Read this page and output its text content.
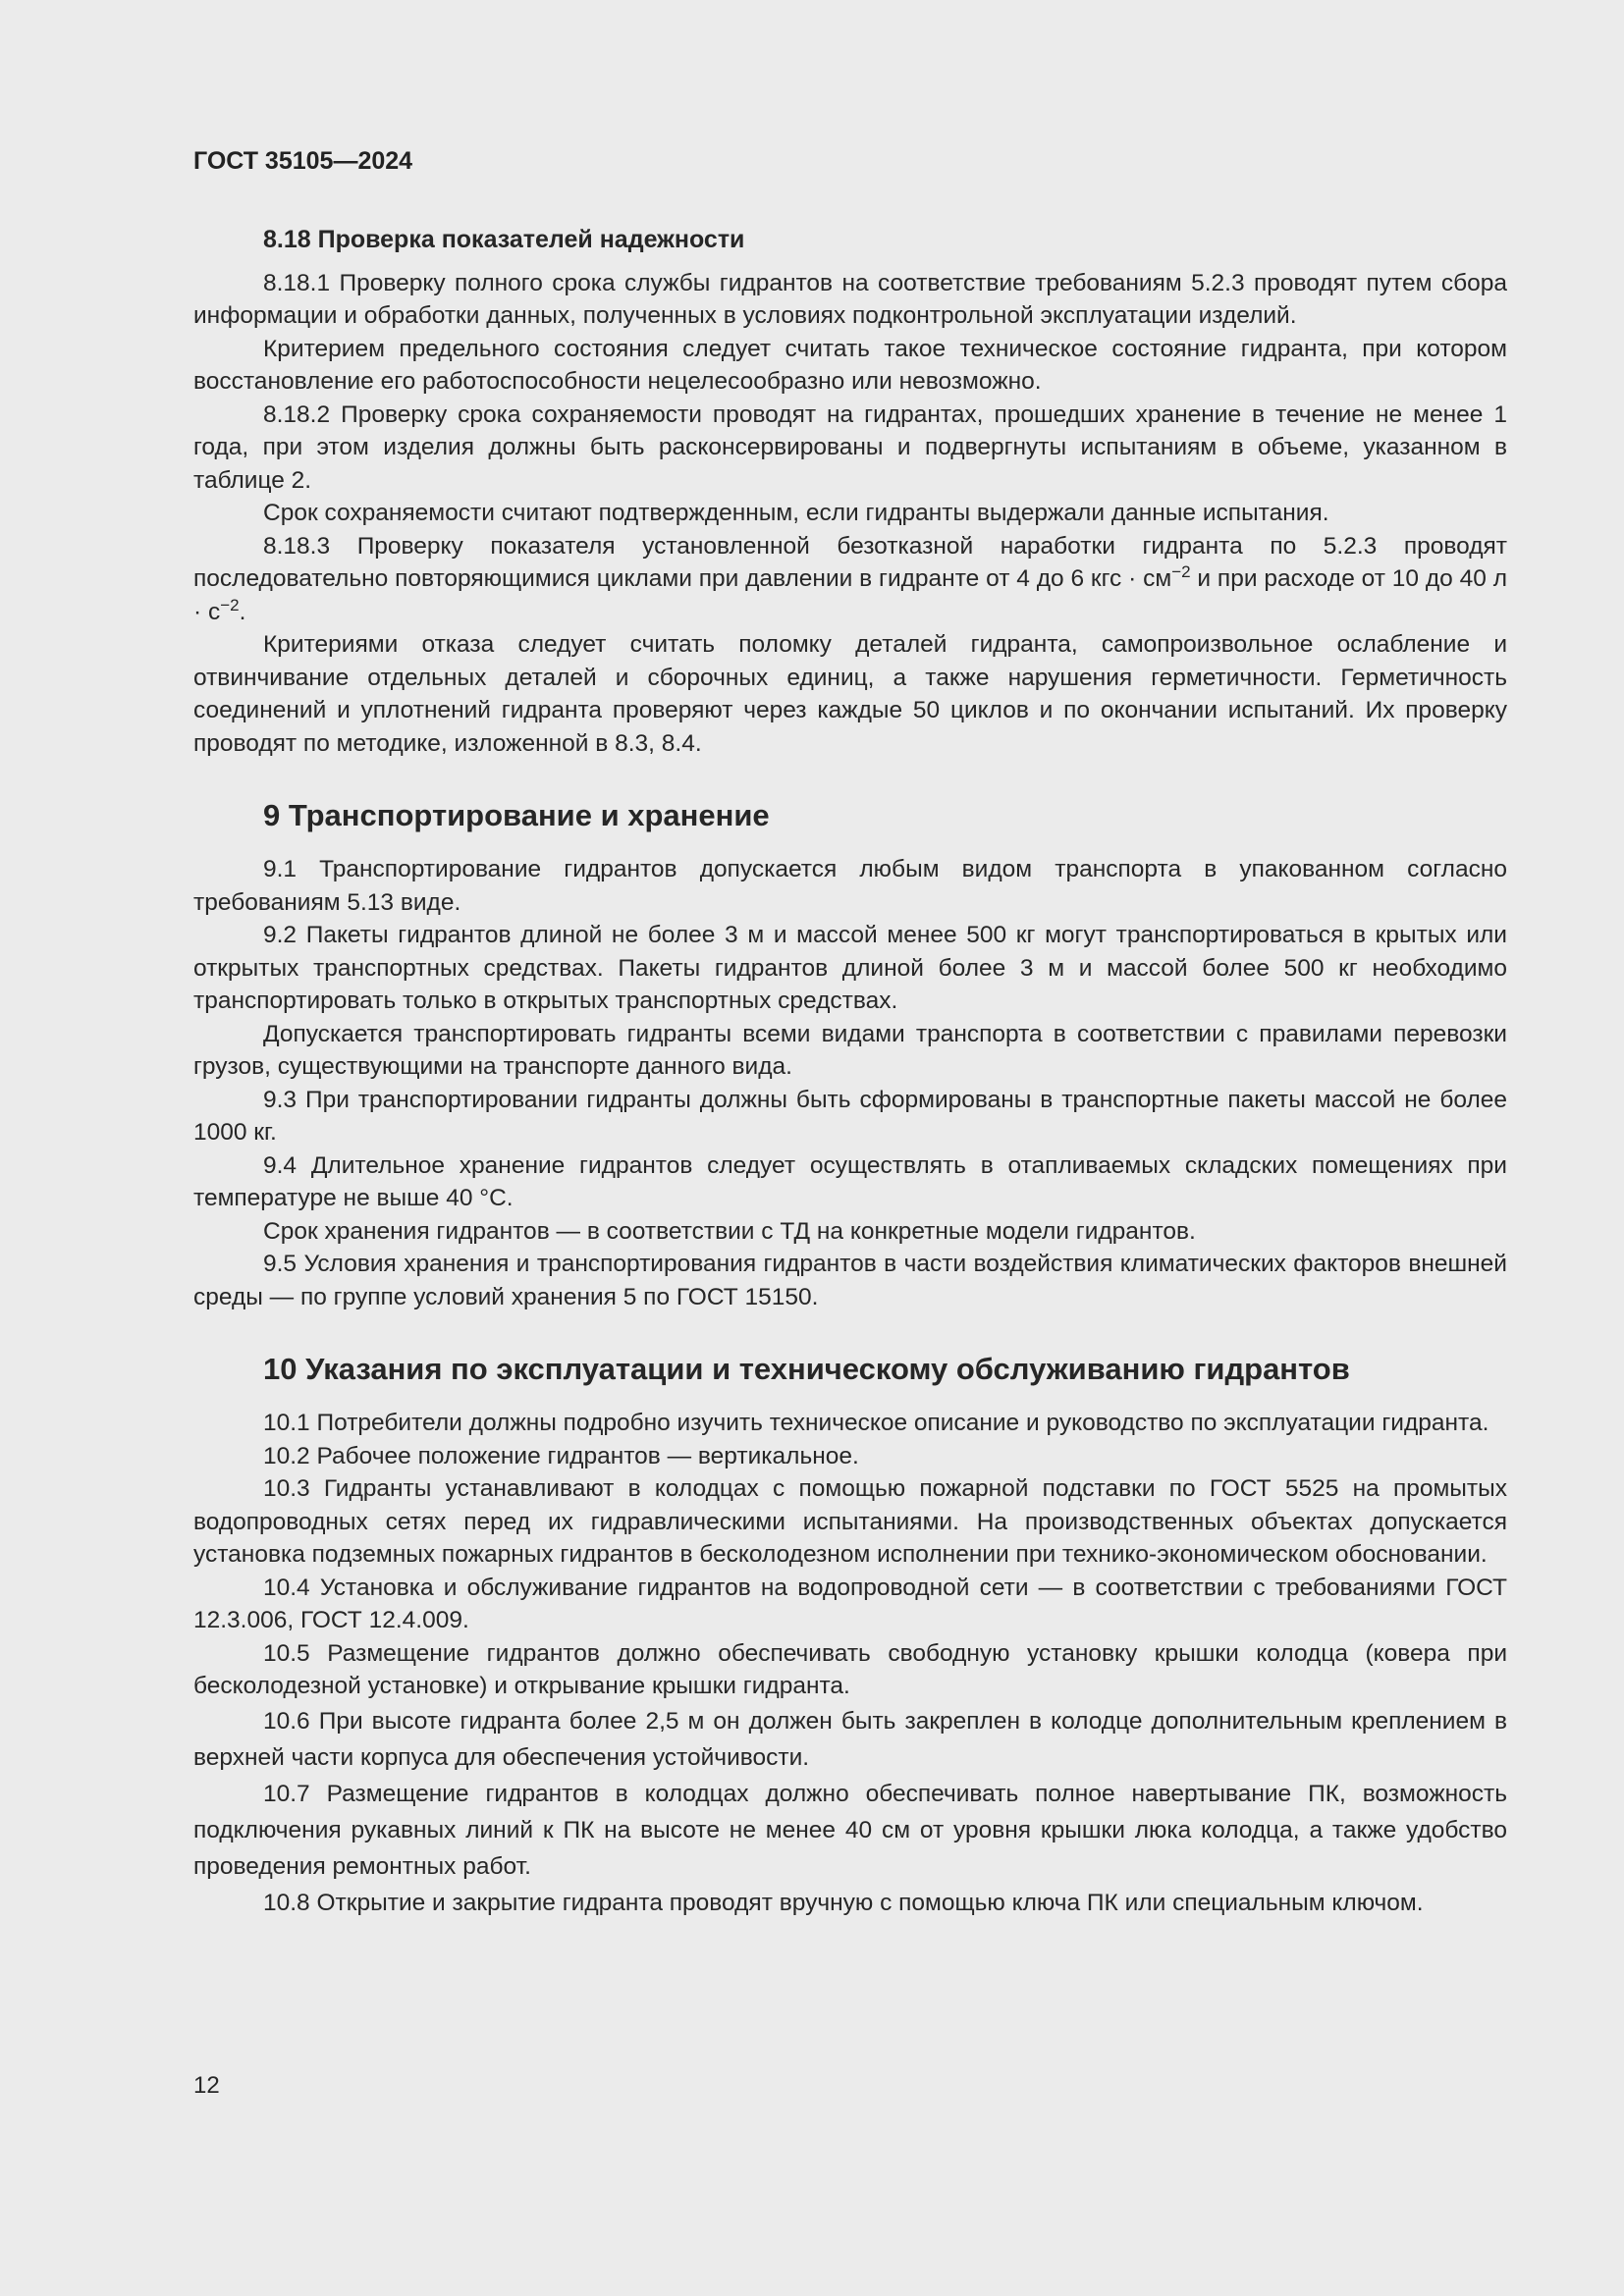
ГОСТ 35105—2024
8.18 Проверка показателей надежности

8.18.1 Проверку полного срока службы гидрантов на соответствие требованиям 5.2.3 проводят путем сбора информации и обработки данных, полученных в условиях подконтрольной эксплуатации изделий.

Критерием предельного состояния следует считать такое техническое состояние гидранта, при котором восстановление его работоспособности нецелесообразно или невозможно.

8.18.2 Проверку срока сохраняемости проводят на гидрантах, прошедших хранение в течение не менее 1 года, при этом изделия должны быть расконсервированы и подвергнуты испытаниям в объеме, указанном в таблице 2.

Срок сохраняемости считают подтвержденным, если гидранты выдержали данные испытания.

8.18.3 Проверку показателя установленной безотказной наработки гидранта по 5.2.3 проводят последовательно повторяющимися циклами при давлении в гидранте от 4 до 6 кгс · $см^{-2}$ и при расходе от 10 до 40 $л \cdot с^{-2}$.

Критериями отказа следует считать поломку деталей гидранта, самопроизвольное ослабление и отвинчивание отдельных деталей и сборочных единиц, а также нарушения герметичности. Герметичность соединений и уплотнений гидранта проверяют через каждые 50 циклов и по окончании испытаний. Их проверку проводят по методике, изложенной в 8.3, 8.4.

9 Транспортирование и хранение

9.1 Транспортирование гидрантов допускается любым видом транспорта в упакованном согласно требованиям 5.13 виде.

9.2 Пакеты гидрантов длиной не более 3 м и массой менее 500 кг могут транспортироваться в крытых или открытых транспортных средствах. Пакеты гидрантов длиной более 3 м и массой более 500 кг необходимо транспортировать только в открытых транспортных средствах.

Допускается транспортировать гидранты всеми видами транспорта в соответствии с правилами перевозки грузов, существующими на транспорте данного вида.

9.3 При транспортировании гидранты должны быть сформированы в транспортные пакеты массой не более 1000 кг.

9.4 Длительное хранение гидрантов следует осуществлять в отапливаемых складских помещениях при температуре не выше 40 °C.

Срок хранения гидрантов — в соответствии с ТД на конкретные модели гидрантов.

9.5 Условия хранения и транспортирования гидрантов в части воздействия климатических факторов внешней среды — по группе условий хранения 5 по ГОСТ 15150.

10 Указания по эксплуатации и техническому обслуживанию гидрантов

10.1 Потребители должны подробно изучить техническое описание и руководство по эксплуатации гидранта.

10.2 Рабочее положение гидрантов — вертикальное.

10.3 Гидранты устанавливают в колодцах с помощью пожарной подставки по ГОСТ 5525 на промытых водопроводных сетях перед их гидравлическими испытаниями. На производственных объектах допускается установка подземных пожарных гидрантов в бесколодезном исполнении при технико-экономическом обосновании.

10.4 Установка и обслуживание гидрантов на водопроводной сети — в соответствии с требованиями ГОСТ 12.3.006, ГОСТ 12.4.009.

10.5 Размещение гидрантов должно обеспечивать свободную установку крышки колодца (ковера при бесколодезной установке) и открывание крышки гидранта.

10.6 При высоте гидранта более 2,5 м он должен быть закреплен в колодце дополнительным креплением в верхней части корпуса для обеспечения устойчивости.

10.7 Размещение гидрантов в колодцах должно обеспечивать полное навертывание ПК, возможность подключения рукавных линий к ПК на высоте не менее 40 см от уровня крышки люка колодца, а также удобство проведения ремонтных работ.

10.8 Открытие и закрытие гидранта проводят вручную с помощью ключа ПК или специальным ключом.

12
